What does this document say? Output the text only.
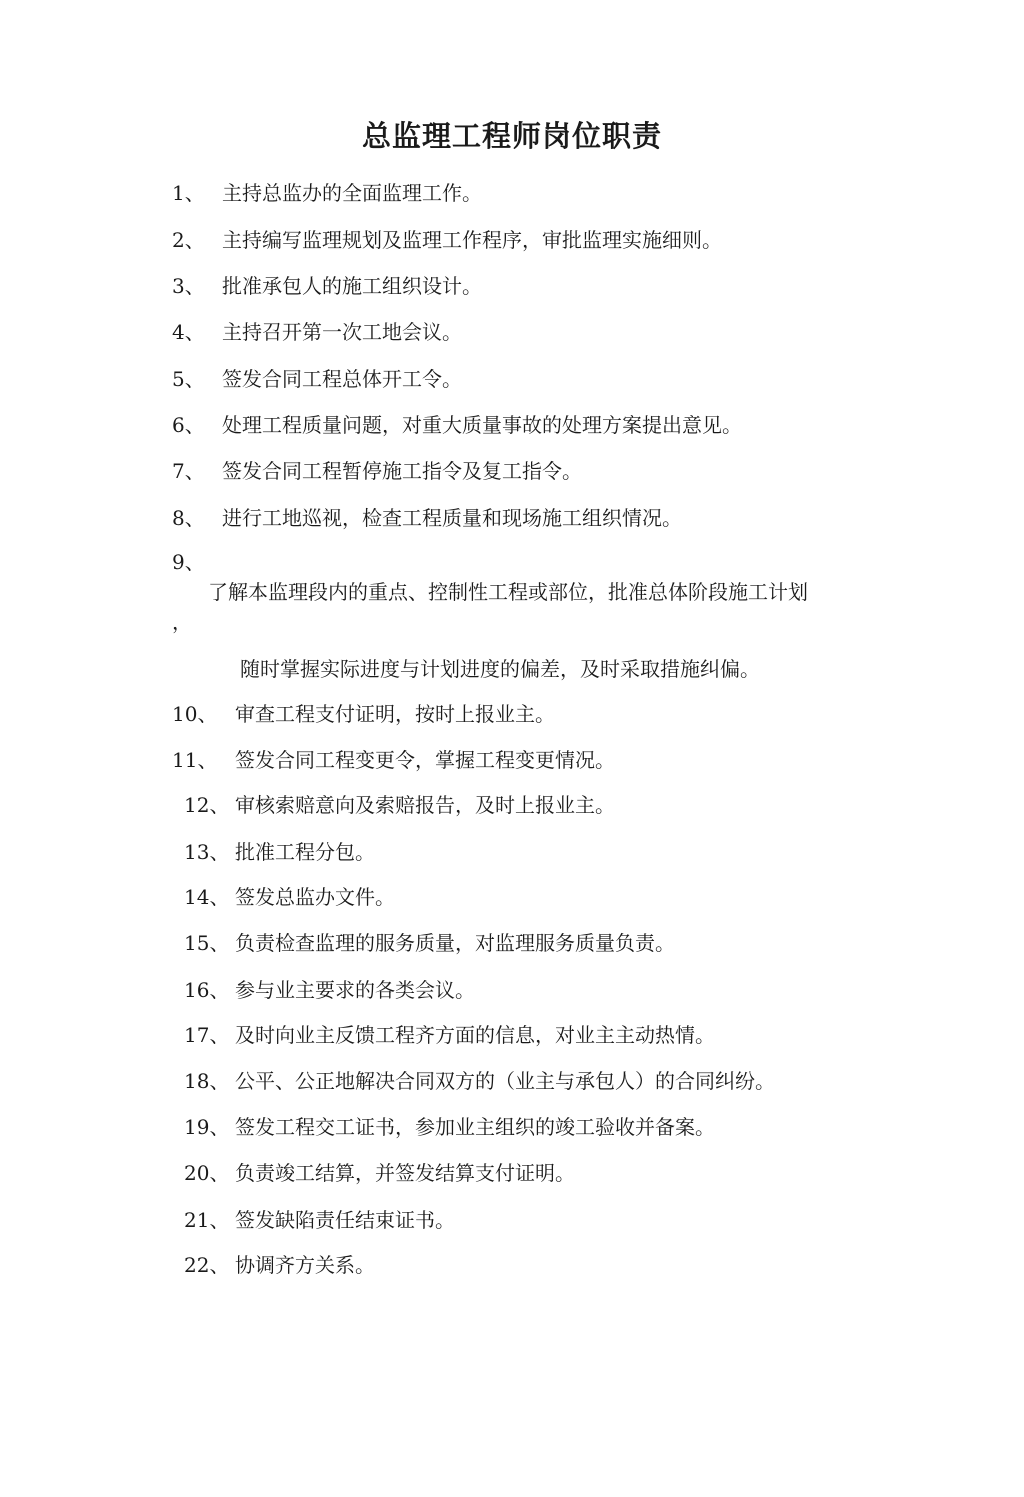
总监理工程师岗位职责
1、 主持总监办的全面监理工作。
2、 主持编写监理规划及监理工作程序，审批监理实施细则。
3、 批准承包人的施工组织设计。
4、 主持召开第一次工地会议。
5、 签发合同工程总体开工令。
6、 处理工程质量问题，对重大质量事故的处理方案提出意见。
7、 签发合同工程暂停施工指令及复工指令。
8、 进行工地巡视，检查工程质量和现场施工组织情况。
9、
了解本监理段内的重点、控制性工程或部位，批准总体阶段施工计划
，
随时掌握实际进度与计划进度的偏差，及时采取措施纠偏。
10、 审查工程支付证明，按时上报业主。
11、 签发合同工程变更令，掌握工程变更情况。
12、 审核索赔意向及索赔报告，及时上报业主。
13、 批准工程分包。
14、 签发总监办文件。
15、 负责检查监理的服务质量，对监理服务质量负责。
16、 参与业主要求的各类会议。
17、 及时向业主反馈工程齐方面的信息，对业主主动热情。
18、 公平、公正地解决合同双方的（业主与承包人）的合同纠纷。
19、 签发工程交工证书，参加业主组织的竣工验收并备案。
20、 负责竣工结算，并签发结算支付证明。
21、 签发缺陷责任结束证书。
22、 协调齐方关系。
